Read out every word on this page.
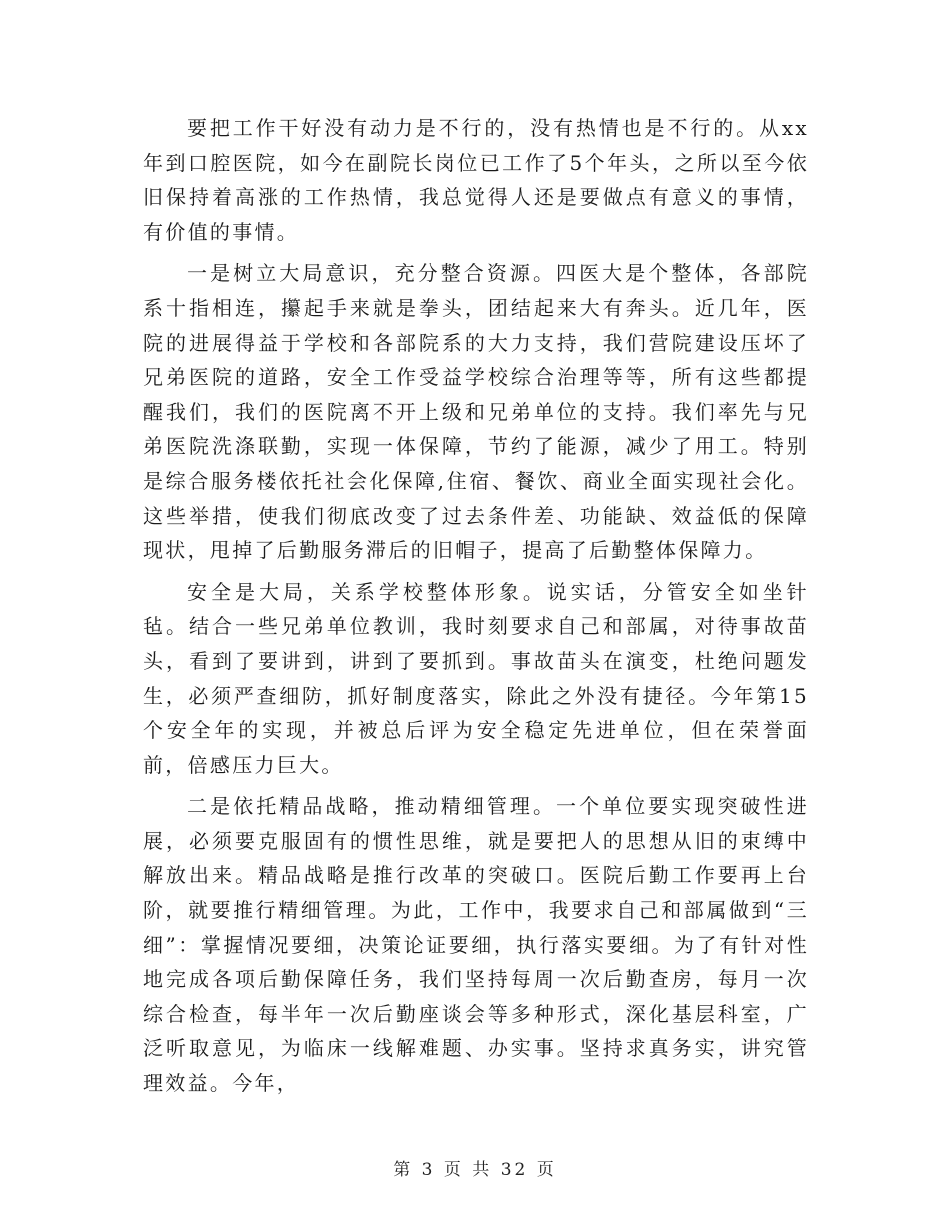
要把工作干好没有动力是不行的，没有热情也是不行的。从xx年到口腔医院，如今在副院长岗位已工作了5个年头，之所以至今依旧保持着高涨的工作热情，我总觉得人还是要做点有意义的事情，有价值的事情。

一是树立大局意识，充分整合资源。四医大是个整体，各部院系十指相连，攥起手来就是拳头，团结起来大有奔头。近几年，医院的进展得益于学校和各部院系的大力支持，我们营院建设压坏了兄弟医院的道路，安全工作受益学校综合治理等等，所有这些都提醒我们，我们的医院离不开上级和兄弟单位的支持。我们率先与兄弟医院洗涤联勤，实现一体保障，节约了能源，减少了用工。特别是综合服务楼依托社会化保障,住宿、餐饮、商业全面实现社会化。这些举措，使我们彻底改变了过去条件差、功能缺、效益低的保障现状，甩掉了后勤服务滞后的旧帽子，提高了后勤整体保障力。

安全是大局，关系学校整体形象。说实话，分管安全如坐针毡。结合一些兄弟单位教训，我时刻要求自己和部属，对待事故苗头，看到了要讲到，讲到了要抓到。事故苗头在演变，杜绝问题发生，必须严查细防，抓好制度落实，除此之外没有捷径。今年第15个安全年的实现，并被总后评为安全稳定先进单位，但在荣誉面前，倍感压力巨大。

二是依托精品战略，推动精细管理。一个单位要实现突破性进展，必须要克服固有的惯性思维，就是要把人的思想从旧的束缚中解放出来。精品战略是推行改革的突破口。医院后勤工作要再上台阶，就要推行精细管理。为此，工作中，我要求自己和部属做到“三细”：掌握情况要细，决策论证要细，执行落实要细。为了有针对性地完成各项后勤保障任务，我们坚持每周一次后勤查房，每月一次综合检查，每半年一次后勤座谈会等多种形式，深化基层科室，广泛听取意见，为临床一线解难题、办实事。坚持求真务实，讲究管理效益。今年，

第 3 页 共 32 页
